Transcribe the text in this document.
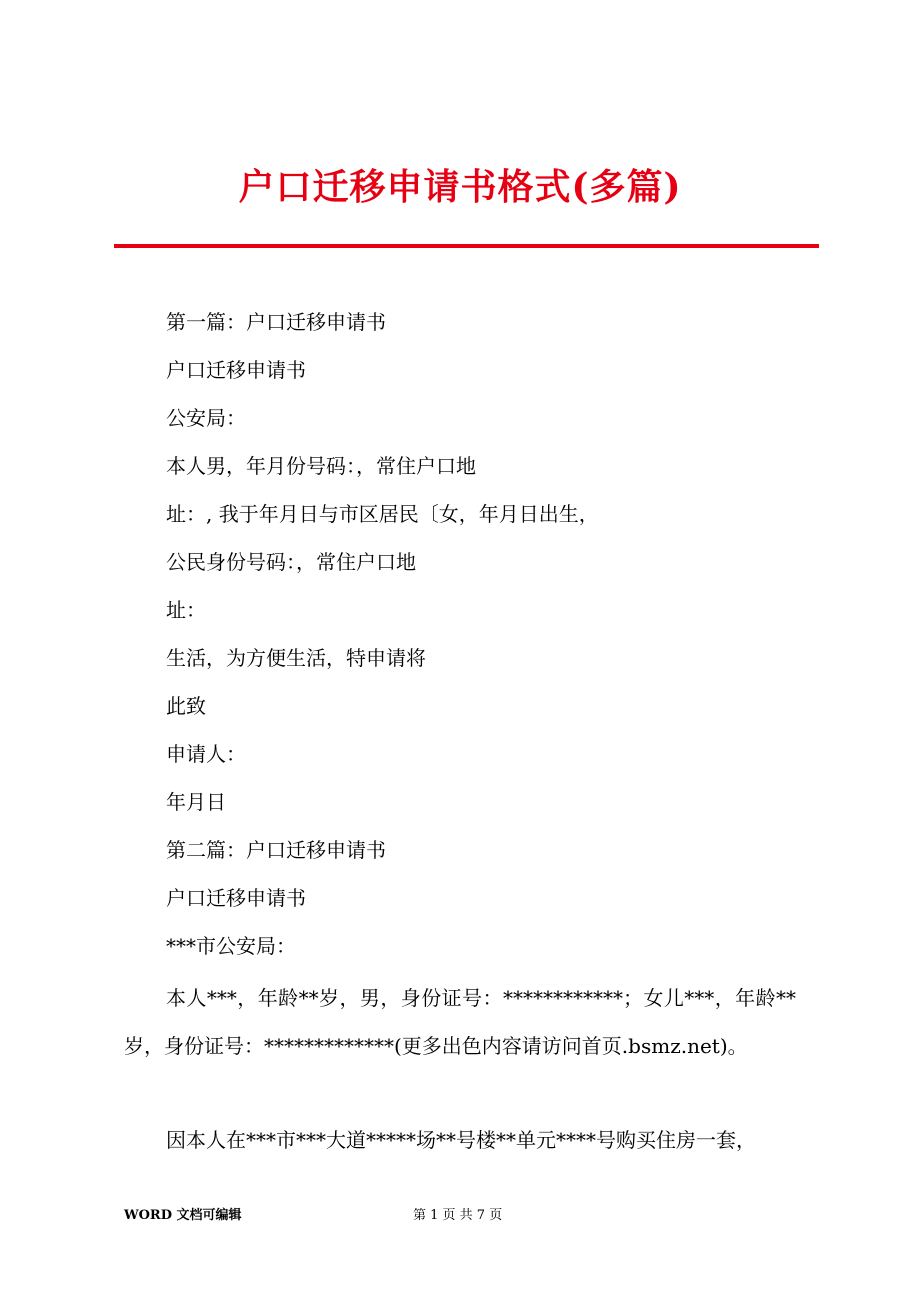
户口迁移申请书格式(多篇)
第一篇：户口迁移申请书
户口迁移申请书
公安局：
本人男，年月份号码：，常住户口地
址：, 我于年月日与市区居民〔女，年月日出生，
公民身份号码：，常住户口地
址：
生活，为方便生活，特申请将
此致
申请人：
年月日
第二篇：户口迁移申请书
户口迁移申请书
***市公安局：
本人***，年龄**岁，男，身份证号：************；女儿***，年龄**岁，身份证号：*************(更多出色内容请访问首页.bsmz.net)。
因本人在***市***大道*****场**号楼**单元****号购买住房一套，
WORD 文档可编辑	第 1 页 共 7 页
